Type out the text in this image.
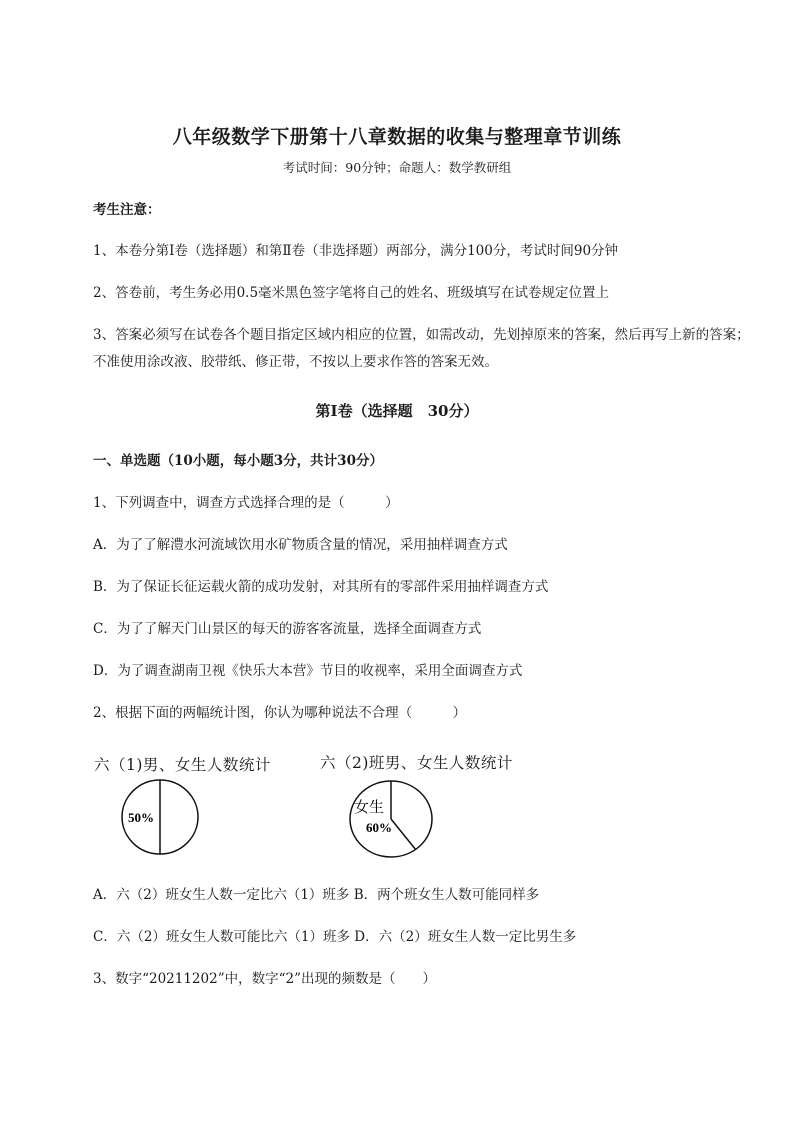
八年级数学下册第十八章数据的收集与整理章节训练
考试时间：90分钟；命题人：数学教研组
考生注意：
1、本卷分第I卷（选择题）和第Ⅱ卷（非选择题）两部分，满分100分，考试时间90分钟
2、答卷前，考生务必用0.5毫米黑色签字笔将自己的姓名、班级填写在试卷规定位置上
3、答案必须写在试卷各个题目指定区域内相应的位置，如需改动，先划掉原来的答案，然后再写上新的答案；不准使用涂改液、胶带纸、修正带，不按以上要求作答的答案无效。
第I卷（选择题　30分）
一、单选题（10小题，每小题3分，共计30分）
1、下列调查中，调查方式选择合理的是（　　　）
A．为了了解澧水河流域饮用水矿物质含量的情况，采用抽样调查方式
B．为了保证长征运载火箭的成功发射，对其所有的零部件采用抽样调查方式
C．为了了解天门山景区的每天的游客客流量，选择全面调查方式
D．为了调查湖南卫视《快乐大本营》节目的收视率，采用全面调查方式
2、根据下面的两幅统计图，你认为哪种说法不合理（　　　）
六（1)男、女生人数统计
50%
六（2)班男、女生人数统计
女生
60%
A．六（2）班女生人数一定比六（1）班多 B．两个班女生人数可能同样多
C．六（2）班女生人数可能比六（1）班多 D．六（2）班女生人数一定比男生多
3、数字“20211202”中，数字“2”出现的频数是（　　）
